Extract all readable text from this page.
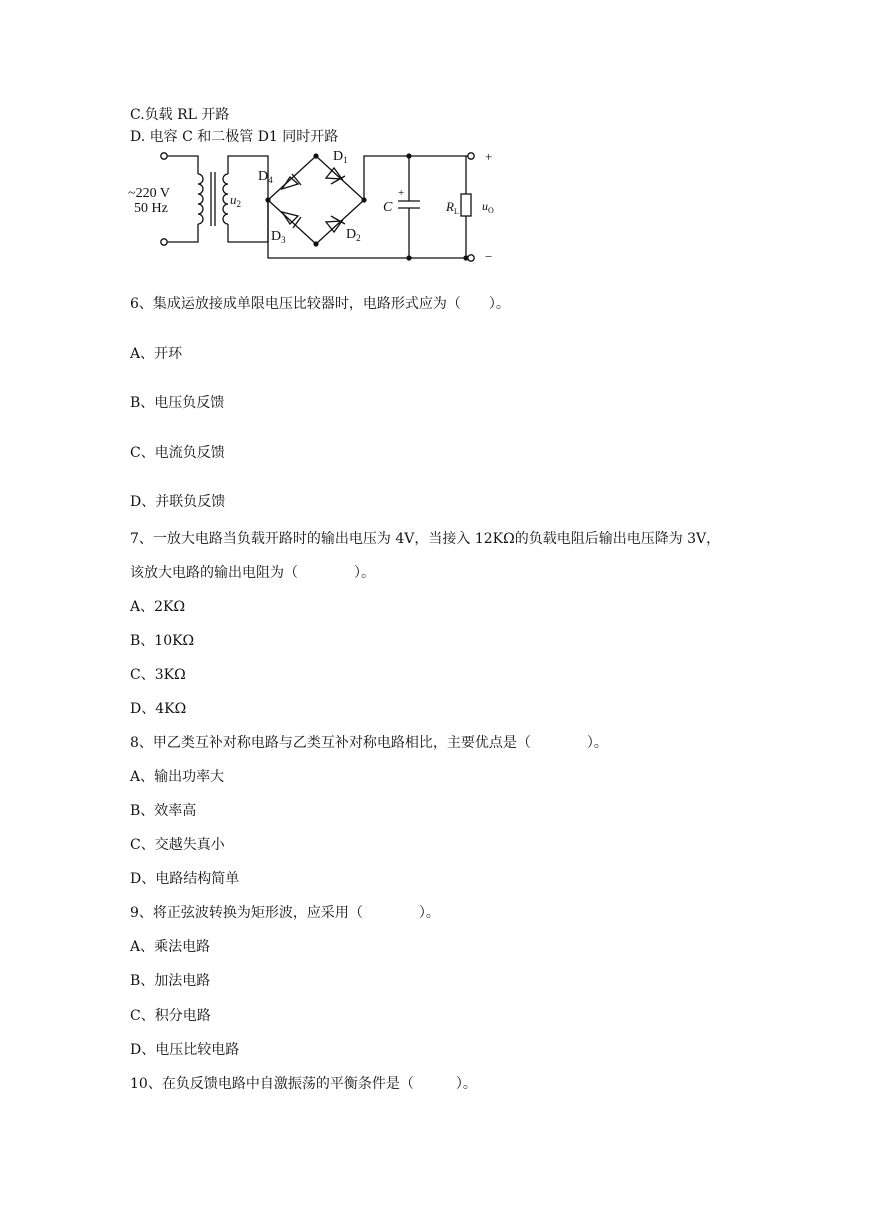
C.负载 RL 开路
D. 电容 C 和二极管 D1 同时开路
~220 V
50 Hz
$u_2$
$D_1$
$D_4$
$D_3$	$D_2$
+
C	$R_L$ $u_O$
+
−
6、集成运放接成单限电压比较器时，电路形式应为（　　）。
A、开环
B、电压负反馈
C、电流负反馈
D、并联负反馈
7、一放大电路当负载开路时的输出电压为 4V，当接入 12KΩ的负载电阻后输出电压降为 3V，
该放大电路的输出电阻为（　　　　）。
A、2KΩ
B、10KΩ
C、3KΩ
D、4KΩ
8、甲乙类互补对称电路与乙类互补对称电路相比，主要优点是（　　　　）。
A、输出功率大
B、效率高
C、交越失真小
D、电路结构简单
9、将正弦波转换为矩形波，应采用（　　　　）。
A、乘法电路
B、加法电路
C、积分电路
D、电压比较电路
10、在负反馈电路中自激振荡的平衡条件是（　　　）。
